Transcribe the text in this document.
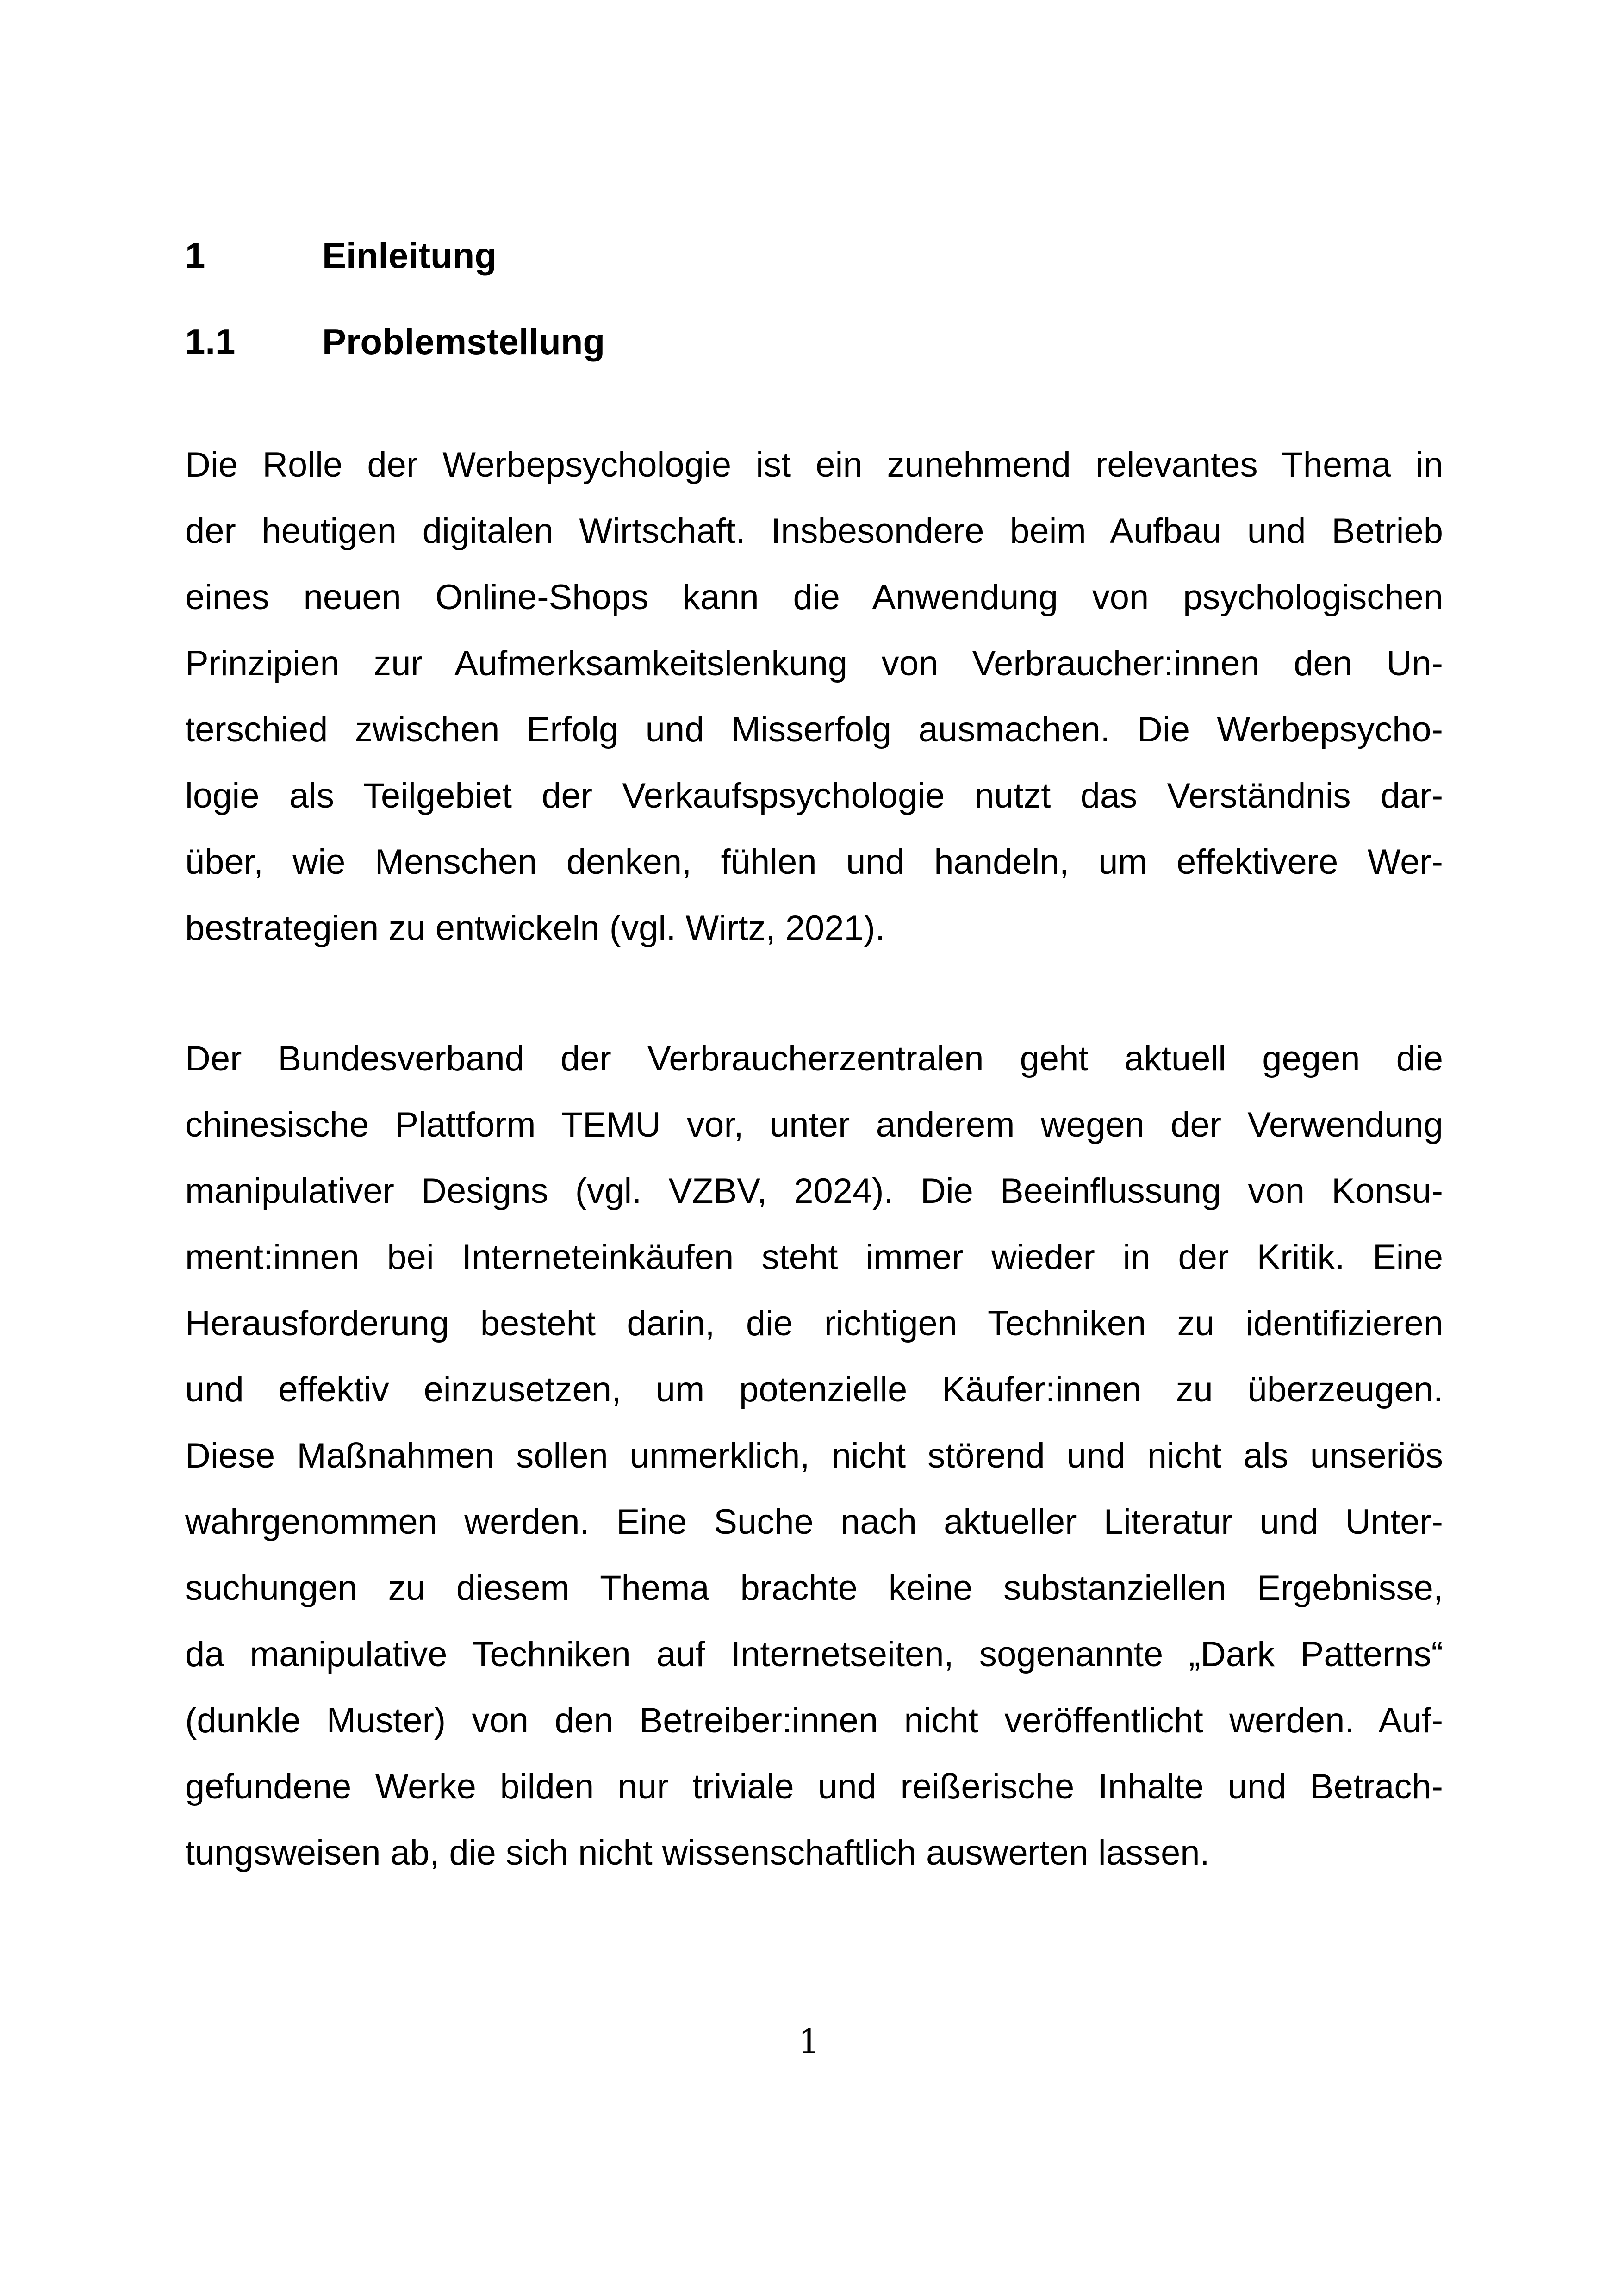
1	Einleitung
1.1 Problemstellung
Die Rolle der Werbepsychologie ist ein zunehmend relevantes Thema in
der heutigen digitalen Wirtschaft. Insbesondere beim Aufbau und Betrieb
eines neuen Online-Shops kann die Anwendung von psychologischen
Prinzipien zur Aufmerksamkeitslenkung von Verbraucher:innen den Un-
terschied zwischen Erfolg und Misserfolg ausmachen. Die Werbepsycho-
logie als Teilgebiet der Verkaufspsychologie nutzt das Verständnis dar-
über, wie Menschen denken, fühlen und handeln, um effektivere Wer-
bestrategien zu entwickeln (vgl. Wirtz, 2021).
Der Bundesverband der Verbraucherzentralen geht aktuell gegen die
chinesische Plattform TEMU vor, unter anderem wegen der Verwendung
manipulativer Designs (vgl. VZBV, 2024). Die Beeinflussung von Konsu-
ment:innen bei Interneteinkäufen steht immer wieder in der Kritik. Eine
Herausforderung besteht darin, die richtigen Techniken zu identifizieren
und effektiv einzusetzen, um potenzielle Käufer:innen zu überzeugen.
Diese Maßnahmen sollen unmerklich, nicht störend und nicht als unseriös
wahrgenommen werden. Eine Suche nach aktueller Literatur und Unter-
suchungen zu diesem Thema brachte keine substanziellen Ergebnisse,
da manipulative Techniken auf Internetseiten, sogenannte „Dark Patterns“
(dunkle Muster) von den Betreiber:innen nicht veröffentlicht werden. Auf-
gefundene Werke bilden nur triviale und reißerische Inhalte und Betrach-
tungsweisen ab, die sich nicht wissenschaftlich auswerten lassen.
1
